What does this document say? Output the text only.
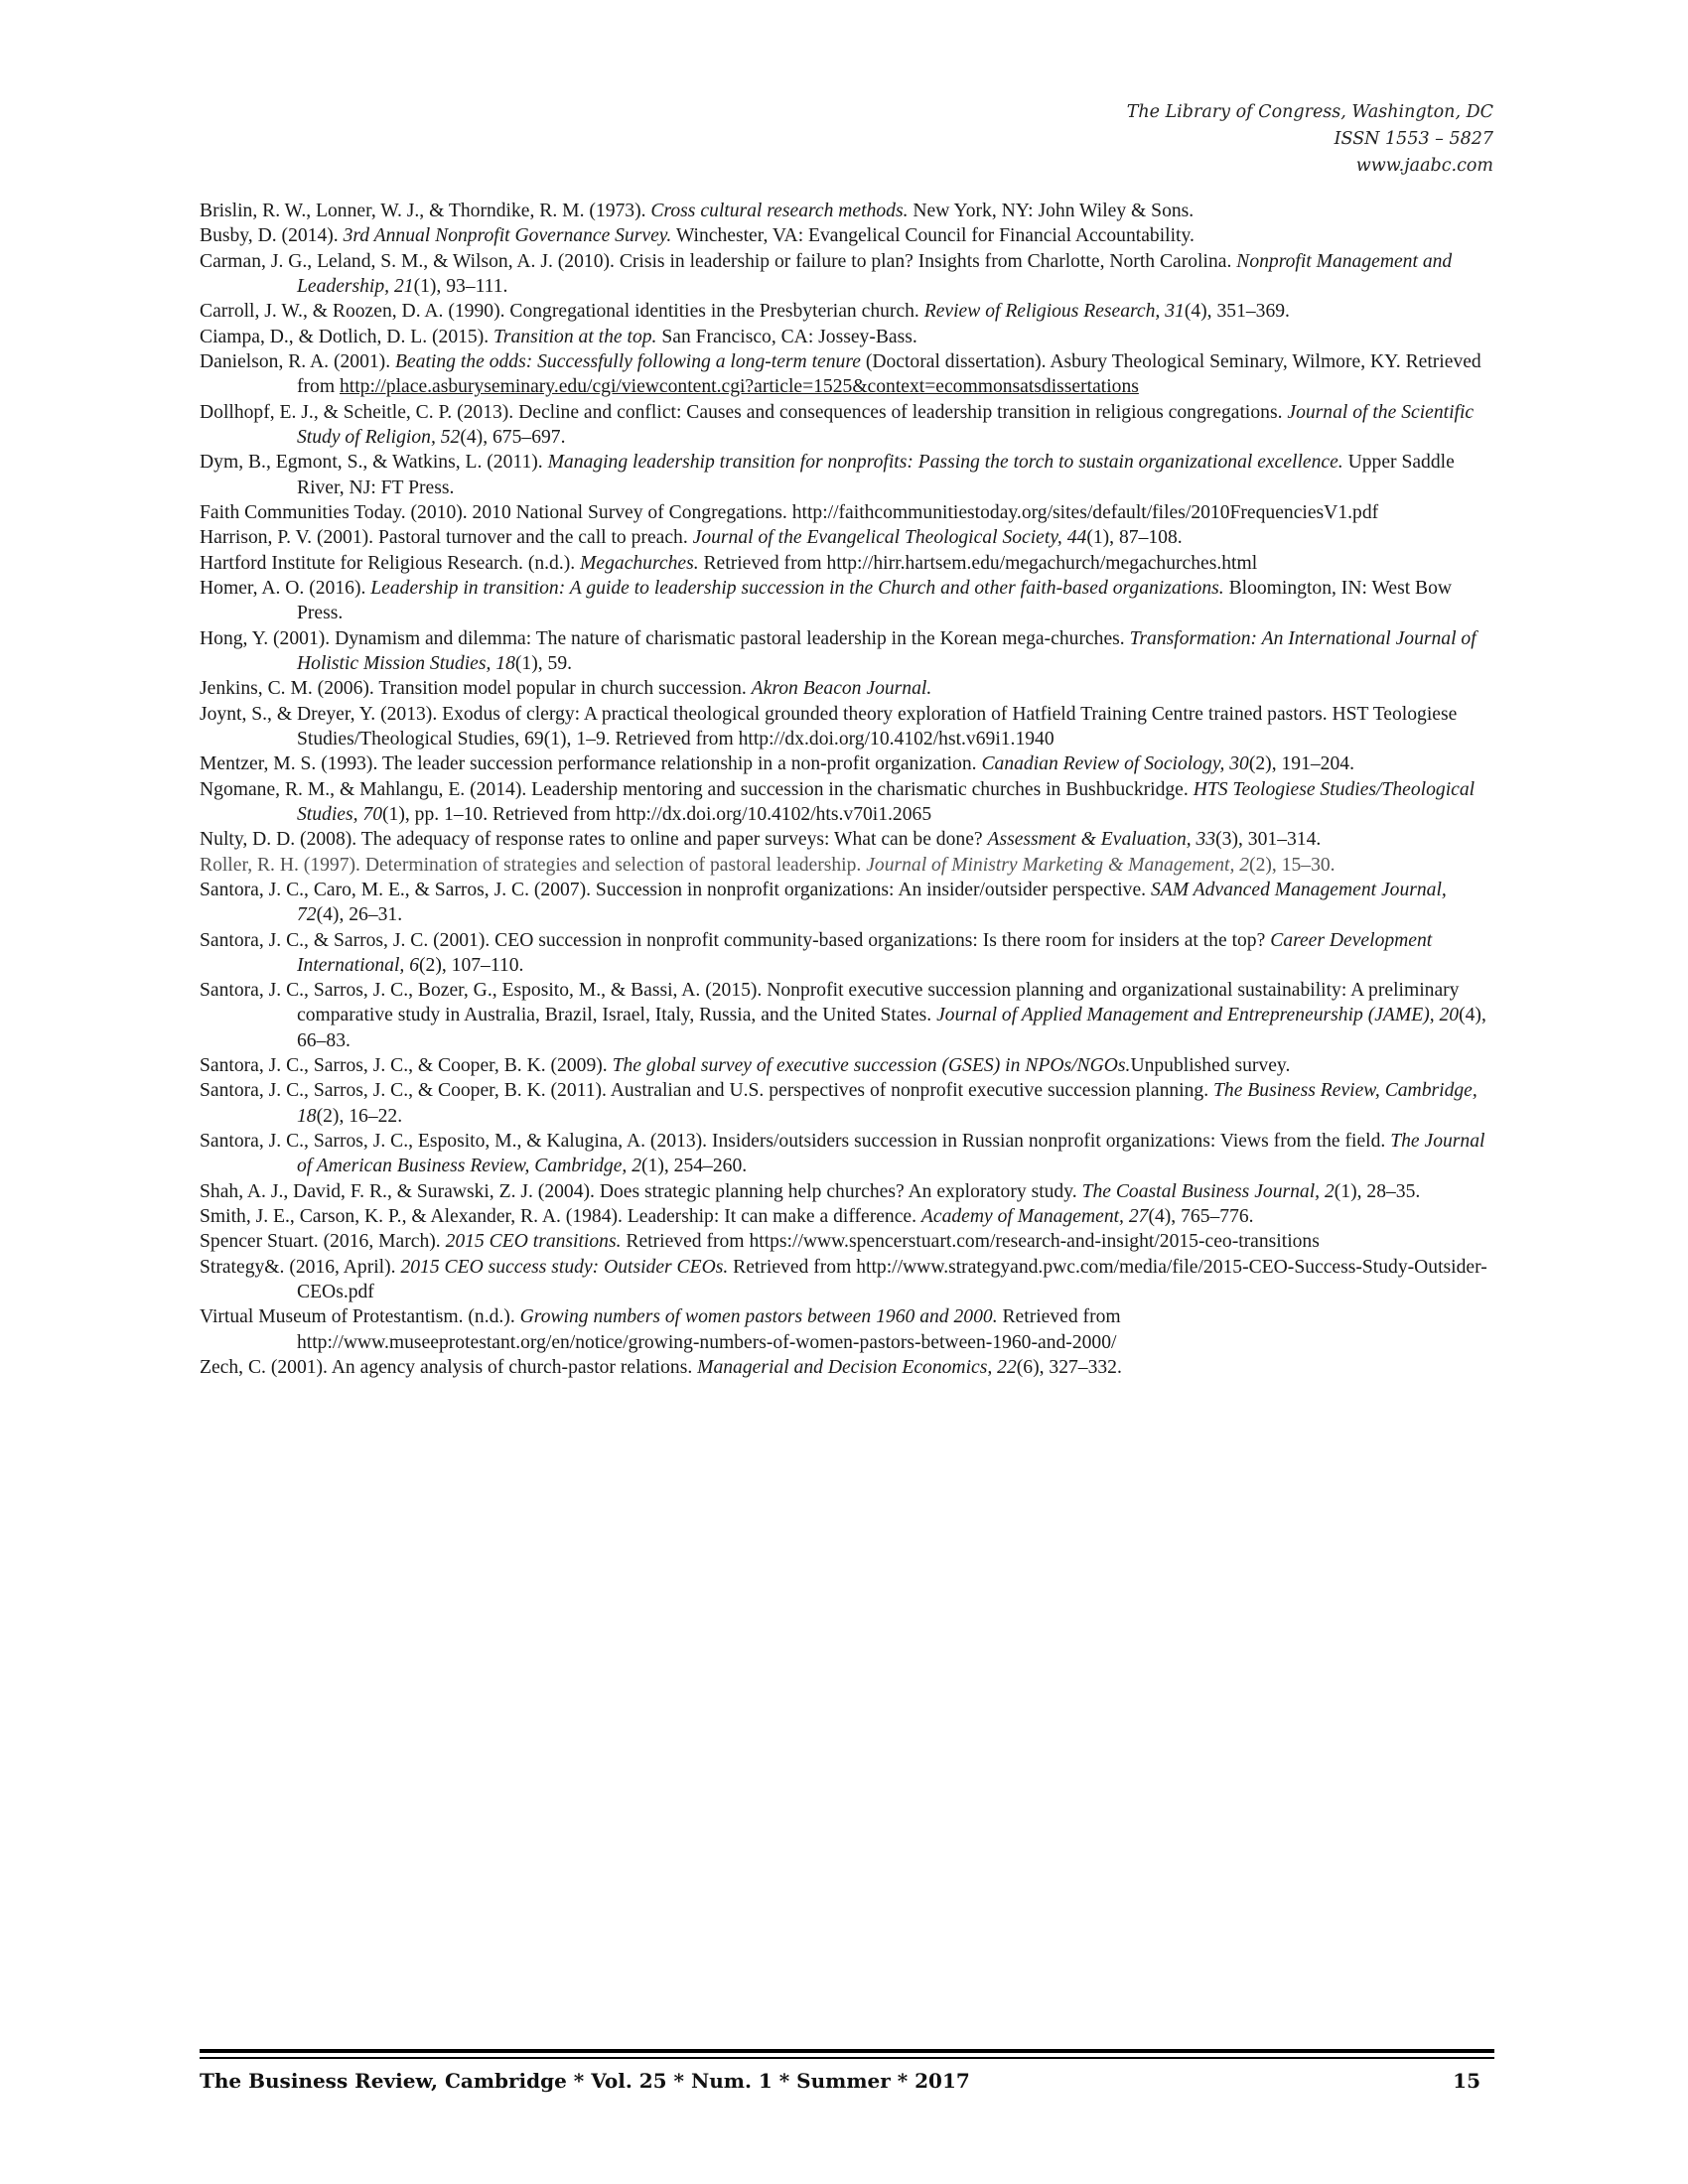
The Library of Congress, Washington, DC
ISSN 1553 – 5827
www.jaabc.com
Brislin, R. W., Lonner, W. J., & Thorndike, R. M. (1973). Cross cultural research methods. New York, NY: John Wiley & Sons.
Busby, D. (2014). 3rd Annual Nonprofit Governance Survey. Winchester, VA: Evangelical Council for Financial Accountability.
Carman, J. G., Leland, S. M., & Wilson, A. J. (2010). Crisis in leadership or failure to plan? Insights from Charlotte, North Carolina. Nonprofit Management and Leadership, 21(1), 93–111.
Carroll, J. W., & Roozen, D. A. (1990). Congregational identities in the Presbyterian church. Review of Religious Research, 31(4), 351–369.
Ciampa, D., & Dotlich, D. L. (2015). Transition at the top. San Francisco, CA: Jossey-Bass.
Danielson, R. A. (2001). Beating the odds: Successfully following a long-term tenure (Doctoral dissertation). Asbury Theological Seminary, Wilmore, KY. Retrieved from http://place.asburyseminary.edu/cgi/viewcontent.cgi?article=1525&context=ecommonsatsdissertations
Dollhopf, E. J., & Scheitle, C. P. (2013). Decline and conflict: Causes and consequences of leadership transition in religious congregations. Journal of the Scientific Study of Religion, 52(4), 675–697.
Dym, B., Egmont, S., & Watkins, L. (2011). Managing leadership transition for nonprofits: Passing the torch to sustain organizational excellence. Upper Saddle River, NJ: FT Press.
Faith Communities Today. (2010). 2010 National Survey of Congregations. http://faithcommunitiestoday.org/sites/default/files/2010FrequenciesV1.pdf
Harrison, P. V. (2001). Pastoral turnover and the call to preach. Journal of the Evangelical Theological Society, 44(1), 87–108.
Hartford Institute for Religious Research. (n.d.). Megachurches. Retrieved from http://hirr.hartsem.edu/megachurch/megachurches.html
Homer, A. O. (2016). Leadership in transition: A guide to leadership succession in the Church and other faith-based organizations. Bloomington, IN: West Bow Press.
Hong, Y. (2001). Dynamism and dilemma: The nature of charismatic pastoral leadership in the Korean mega-churches. Transformation: An International Journal of Holistic Mission Studies, 18(1), 59.
Jenkins, C. M. (2006). Transition model popular in church succession. Akron Beacon Journal.
Joynt, S., & Dreyer, Y. (2013). Exodus of clergy: A practical theological grounded theory exploration of Hatfield Training Centre trained pastors. HST Teologiese Studies/Theological Studies, 69(1), 1–9. Retrieved from http://dx.doi.org/10.4102/hst.v69i1.1940
Mentzer, M. S. (1993). The leader succession performance relationship in a non-profit organization. Canadian Review of Sociology, 30(2), 191–204.
Ngomane, R. M., & Mahlangu, E. (2014). Leadership mentoring and succession in the charismatic churches in Bushbuckridge. HTS Teologiese Studies/Theological Studies, 70(1), pp. 1–10. Retrieved from http://dx.doi.org/10.4102/hts.v70i1.2065
Nulty, D. D. (2008). The adequacy of response rates to online and paper surveys: What can be done? Assessment & Evaluation, 33(3), 301–314.
Roller, R. H. (1997). Determination of strategies and selection of pastoral leadership. Journal of Ministry Marketing & Management, 2(2), 15–30.
Santora, J. C., Caro, M. E., & Sarros, J. C. (2007). Succession in nonprofit organizations: An insider/outsider perspective. SAM Advanced Management Journal, 72(4), 26–31.
Santora, J. C., & Sarros, J. C. (2001). CEO succession in nonprofit community-based organizations: Is there room for insiders at the top? Career Development International, 6(2), 107–110.
Santora, J. C., Sarros, J. C., Bozer, G., Esposito, M., & Bassi, A. (2015). Nonprofit executive succession planning and organizational sustainability: A preliminary comparative study in Australia, Brazil, Israel, Italy, Russia, and the United States. Journal of Applied Management and Entrepreneurship (JAME), 20(4), 66–83.
Santora, J. C., Sarros, J. C., & Cooper, B. K. (2009). The global survey of executive succession (GSES) in NPOs/NGOs.Unpublished survey.
Santora, J. C., Sarros, J. C., & Cooper, B. K. (2011). Australian and U.S. perspectives of nonprofit executive succession planning. The Business Review, Cambridge, 18(2), 16–22.
Santora, J. C., Sarros, J. C., Esposito, M., & Kalugina, A. (2013). Insiders/outsiders succession in Russian nonprofit organizations: Views from the field. The Journal of American Business Review, Cambridge, 2(1), 254–260.
Shah, A. J., David, F. R., & Surawski, Z. J. (2004). Does strategic planning help churches? An exploratory study. The Coastal Business Journal, 2(1), 28–35.
Smith, J. E., Carson, K. P., & Alexander, R. A. (1984). Leadership: It can make a difference. Academy of Management, 27(4), 765–776.
Spencer Stuart. (2016, March). 2015 CEO transitions. Retrieved from https://www.spencerstuart.com/research-and-insight/2015-ceo-transitions
Strategy&. (2016, April). 2015 CEO success study: Outsider CEOs. Retrieved from http://www.strategyand.pwc.com/media/file/2015-CEO-Success-Study-Outsider-CEOs.pdf
Virtual Museum of Protestantism. (n.d.). Growing numbers of women pastors between 1960 and 2000. Retrieved from http://www.museeprotestant.org/en/notice/growing-numbers-of-women-pastors-between-1960-and-2000/
Zech, C. (2001). An agency analysis of church-pastor relations. Managerial and Decision Economics, 22(6), 327–332.
The Business Review, Cambridge * Vol. 25 * Num. 1 * Summer * 2017	15
